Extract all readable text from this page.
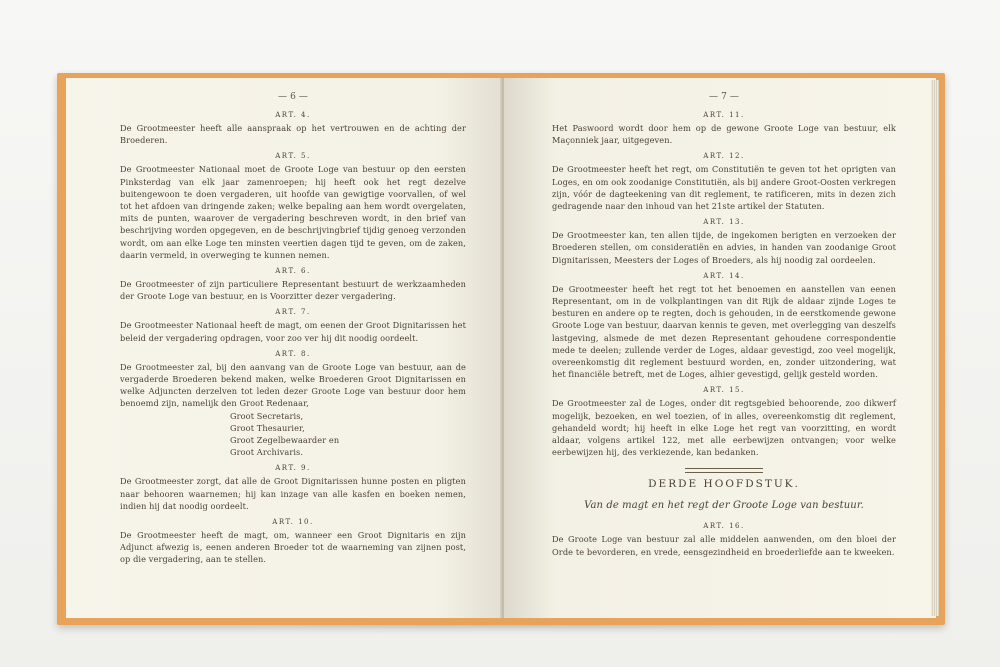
— 6 —
ART. 4.

De Grootmeester heeft alle aanspraak op het vertrouwen en de achting der Broederen.

ART. 5.

De Grootmeester Nationaal moet de Groote Loge van bestuur op den eersten Pinksterdag van elk jaar zamenroepen; hij heeft ook het regt dezelve buitengewoon te doen vergaderen, uit hoofde van gewigtige voorvallen, of wel tot het afdoen van dringende zaken; welke bepaling aan hem wordt overgelaten, mits de punten, waarover de vergadering beschreven wordt, in den brief van beschrijving worden opgegeven, en de beschrijvingbrief tijdig genoeg verzonden wordt, om aan elke Loge ten minsten veertien dagen tijd te geven, om de zaken, daarin vermeld, in overweging te kunnen nemen.

ART. 6.

De Grootmeester of zijn particuliere Representant bestuurt de werkzaamheden der Groote Loge van bestuur, en is Voorzitter dezer vergadering.

ART. 7.

De Grootmeester Nationaal heeft de magt, om eenen der Groot Dignitarissen het beleid der vergadering opdragen, voor zoo ver hij dit noodig oordeelt.

ART. 8.

De Grootmeester zal, bij den aanvang van de Groote Loge van bestuur, aan de vergaderde Broederen bekend maken, welke Broederen Groot Dignitarissen en welke Adjuncten derzelven tot leden dezer Groote Loge van bestuur door hem benoemd zijn, namelijk den Groot Redenaar,

Groot Secretaris,
Groot Thesaurier,
Groot Zegelbewaarder en
Groot Archivaris.
ART. 9.

De Grootmeester zorgt, dat alle de Groot Dignitarissen hunne posten en pligten naar behooren waarnemen; hij kan inzage van alle kasfen en boeken nemen, indien hij dat noodig oordeelt.

ART. 10.

De Grootmeester heeft de magt, om, wanneer een Groot Dignitaris en zijn Adjunct afwezig is, eenen anderen Broeder tot de waarneming van zijnen post, op die vergadering, aan te stellen.

— 7 —
ART. 11.

Het Paswoord wordt door hem op de gewone Groote Loge van bestuur, elk Maçonniek jaar, uitgegeven.

ART. 12.

De Grootmeester heeft het regt, om Constitutiën te geven tot het oprigten van Loges, en om ook zoodanige Constitutiën, als bij andere Groot-Oosten verkregen zijn, vóór de dagteekening van dit reglement, te ratificeren, mits in dezen zich gedragende naar den inhoud van het 21ste artikel der Statuten.

ART. 13.

De Grootmeester kan, ten allen tijde, de ingekomen berigten en verzoeken der Broederen stellen, om consideratiën en advies, in handen van zoodanige Groot Dignitarissen, Meesters der Loges of Broeders, als hij noodig zal oordeelen.

ART. 14.

De Grootmeester heeft het regt tot het benoemen en aanstellen van eenen Representant, om in de volkplantingen van dit Rijk de aldaar zijnde Loges te besturen en andere op te regten, doch is gehouden, in de eerstkomende gewone Groote Loge van bestuur, daarvan kennis te geven, met overlegging van deszelfs lastgeving, alsmede de met dezen Representant gehoudene correspondentie mede te deelen; zullende verder de Loges, aldaar gevestigd, zoo veel mogelijk, overeenkomstig dit reglement bestuurd worden, en, zonder uitzondering, wat het financiële betreft, met de Loges, alhier gevestigd, gelijk gesteld worden.

ART. 15.

De Grootmeester zal de Loges, onder dit regtsgebied behoorende, zoo dikwerf mogelijk, bezoeken, en wel toezien, of in alles, overeenkomstig dit reglement, gehandeld wordt; hij heeft in elke Loge het regt van voorzitting, en wordt aldaar, volgens artikel 122, met alle eerbewijzen ontvangen; voor welke eerbewijzen hij, des verkiezende, kan bedanken.

DERDE HOOFDSTUK.
Van de magt en het regt der Groote Loge van bestuur.
ART. 16.

De Groote Loge van bestuur zal alle middelen aanwenden, om den bloei der Orde te bevorderen, en vrede, eensgezindheid en broederliefde aan te kweeken.
